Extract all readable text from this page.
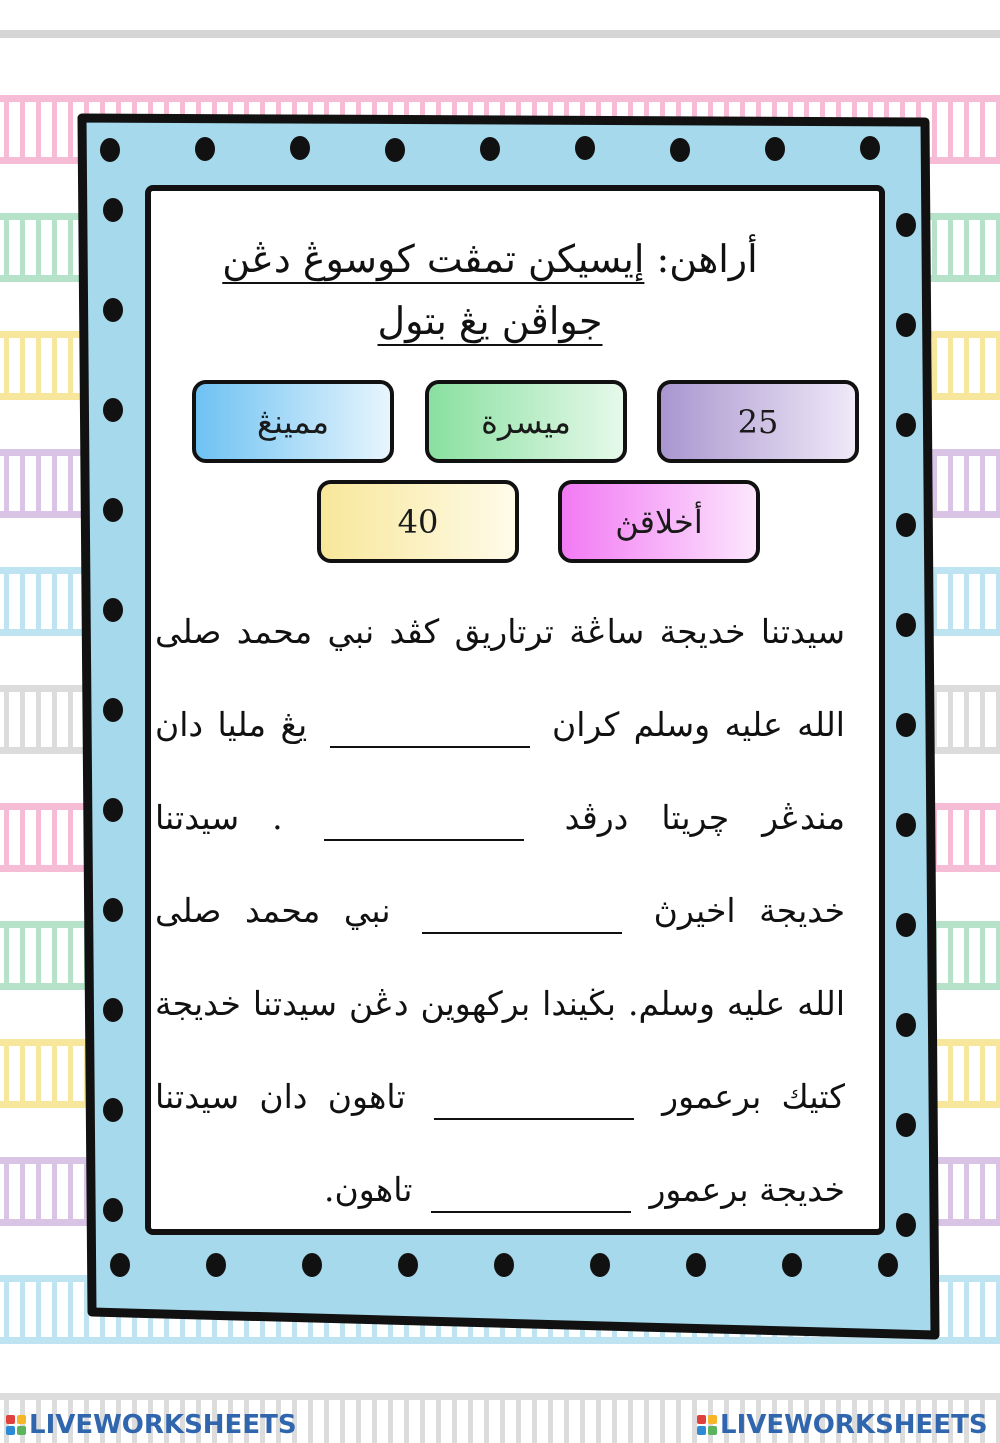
أراهن: إيسيكن تمڤت كوسوڠ دڠن
جواڤن يڠ بتول
25
ميسرة
ممينڠ
أخلاقڽ
40
سيدتنا خديجة ساڠة ترتاريق كڤد نبي محمد صلى
الله عليه وسلم كران  يڠ مليا دان
مندڠر چريتا درڤد  . سيدتنا
خديجة اخيرڽ  نبي محمد صلى
الله عليه وسلم. بڬيندا بركهوين دڠن سيدتنا خديجة
كتيك برعمور  تاهون دان سيدتنا
خديجة برعمور  تاهون.
LIVEWORKSHEETS	LIVEWORKSHEETS
